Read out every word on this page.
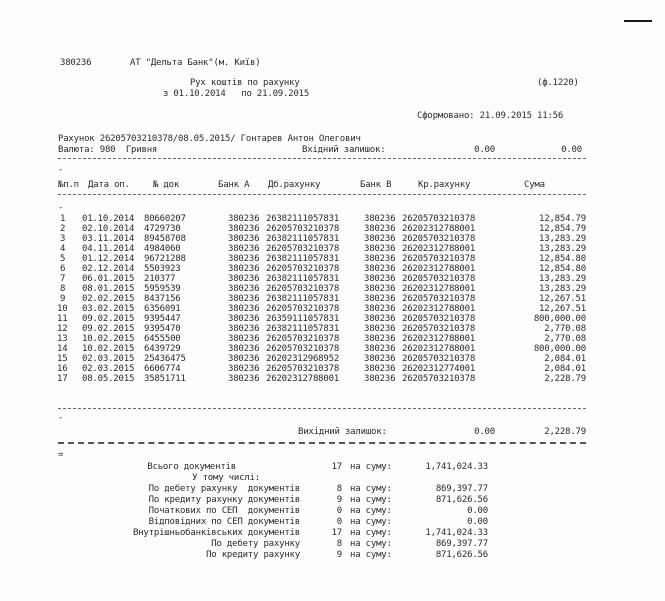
380236	АТ "Дельта Банк"(м. Київ)
Рух коштів по рахунку
з 01.10.2014   по 21.09.2015
(ф.1220)
Сформовано: 21.09.2015 11:56
Рахунок 26205703210378/08.05.2015/ Гонтарев Антон Олегович
Валюта: 980  Гривня	Вхідний залишок:	0.00	0.00
-
№п.п Дата оп.	№ док	Банк А Дб.рахунку	Банк В	Кр.рахунку	Сума
-
1 01.10.2014 80660207	380236 26382111057831	380236 26205703210378	12,854.79
2 02.10.2014 4729730	380236 26205703210378	380236 26202312788001	12,854.79
3 03.11.2014 89458708	380236 26382111057831	380236 26205703210378	13,283.29
4 04.11.2014 4984060	380236 26205703210378	380236 26202312788001	13,283.29
5 01.12.2014 96721288	380236 26382111057831	380236 26205703210378	12,854.80
6 02.12.2014 5503923	380236 26205703210378	380236 26202312788001	12,854.80
7 06.01.2015 210377	380236 26382111057831	380236 26205703210378	13,283.29
8 08.01.2015 5959539	380236 26205703210378	380236 26202312788001	13,283.29
9 02.02.2015 8437156	380236 26382111057831	380236 26205703210378	12,267.51
10 03.02.2015 6356091	380236 26205703210378	380236 26202312788001	12,267.51
11 09.02.2015 9395447	380236 26359111057831	380236 26205703210378	800,000.00
12 09.02.2015 9395470	380236 26382111057831	380236 26205703210378	2,770.08
13 10.02.2015 6455500	380236 26205703210378	380236 26202312788001	2,770.08
14 10.02.2015 6439729	380236 26205703210378	380236 26202312788001	800,000.00
15 02.03.2015 25436475	380236 26202312968952	380236 26205703210378	2,084.01
16 02.03.2015 6606774	380236 26205703210378	380236 26202312774001	2,084.01
17 08.05.2015 35851711	380236 26202312788001	380236 26205703210378	2,228.79
-
Вихідний залишок:	0.00	2,228.79
=
Всього документів	17 на суму:	1,741,024.33
У тому числі:
По дебету рахунку  документів	8 на суму:	869,397.77
По кредиту рахунку документів	9 на суму:	871,626.56
Початкових по СЕП  документів	0 на суму:	0.00
Відповідних по СЕП документів	0 на суму:	0.00
Внутрішньобанківських документів	17 на суму:	1,741,024.33
По дебету рахунку	8 на суму:	869,397.77
По кредиту рахунку	9 на суму:	871,626.56
